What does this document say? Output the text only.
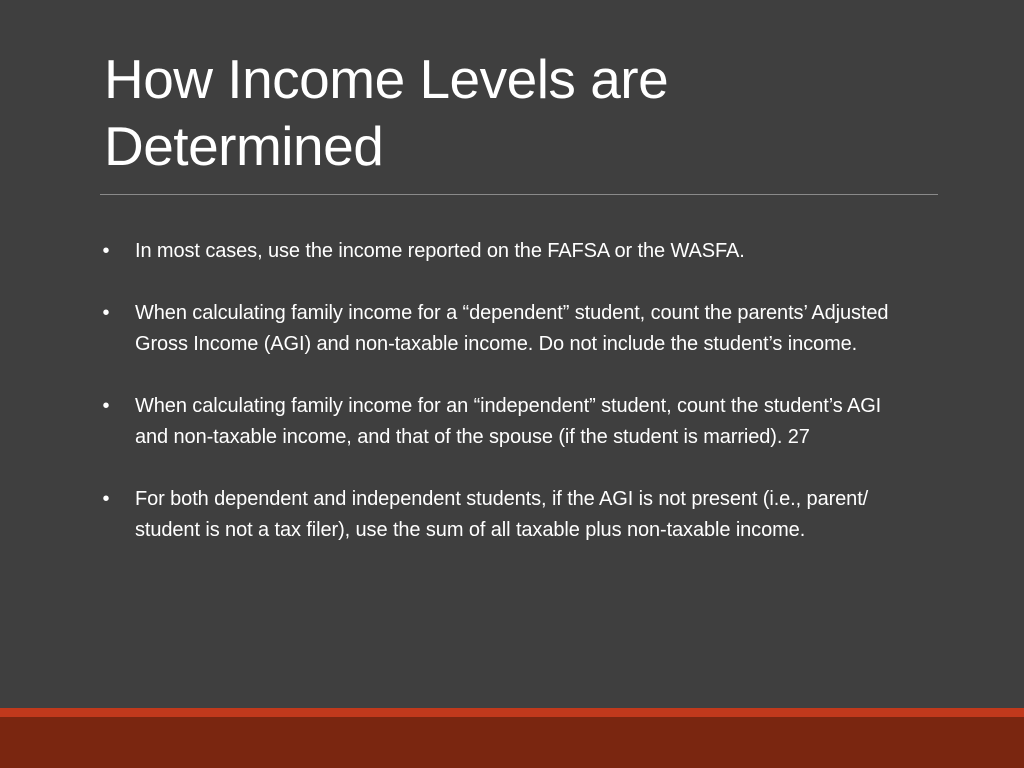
How Income Levels are
Determined
• In most cases, use the income reported on the FAFSA or the WASFA.
• When calculating family income for a “dependent” student, count the parents’ Adjusted Gross Income (AGI) and non-taxable income. Do not include the student’s income.
• When calculating family income for an “independent” student, count the student’s AGI and non-taxable income, and that of the spouse (if the student is married). 27
• For both dependent and independent students, if the AGI is not present (i.e., parent/ student is not a tax filer), use the sum of all taxable plus non-taxable income.
